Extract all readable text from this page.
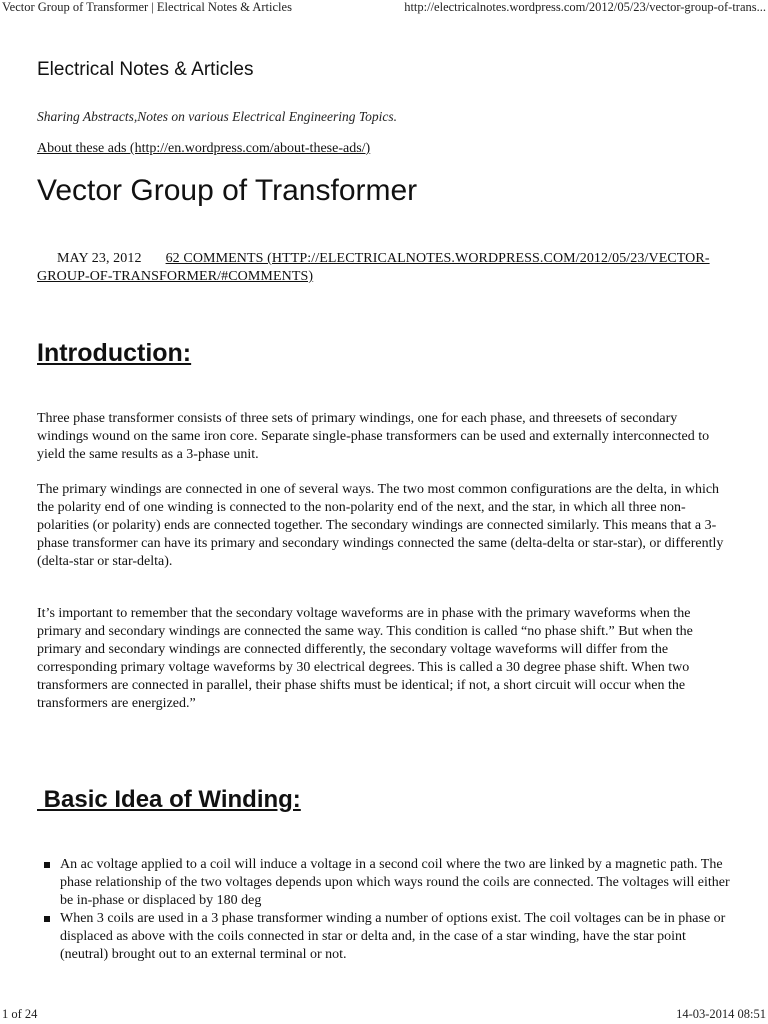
Vector Group of Transformer | Electrical Notes & Articles	http://electricalnotes.wordpress.com/2012/05/23/vector-group-of-trans...
Electrical Notes & Articles
Sharing Abstracts,Notes on various Electrical Engineering Topics.
About these ads (http://en.wordpress.com/about-these-ads/)
Vector Group of Transformer
MAY 23, 2012 62 COMMENTS (HTTP://ELECTRICALNOTES.WORDPRESS.COM/2012/05/23/VECTOR-GROUP-OF-TRANSFORMER/#COMMENTS)
Introduction:

Three phase transformer consists of three sets of primary windings, one for each phase, and threesets of secondary windings wound on the same iron core. Separate single-phase transformers can be used and externally interconnected to yield the same results as a 3-phase unit.

The primary windings are connected in one of several ways. The two most common configurations are the delta, in which the polarity end of one winding is connected to the non-polarity end of the next, and the star, in which all three non-polarities (or polarity) ends are connected together. The secondary windings are connected similarly. This means that a 3-phase transformer can have its primary and secondary windings connected the same (delta-delta or star-star), or differently (delta-star or star-delta).

It’s important to remember that the secondary voltage waveforms are in phase with the primary waveforms when the primary and secondary windings are connected the same way. This condition is called “no phase shift.” But when the primary and secondary windings are connected differently, the secondary voltage waveforms will differ from the corresponding primary voltage waveforms by 30 electrical degrees. This is called a 30 degree phase shift. When two transformers are connected in parallel, their phase shifts must be identical; if not, a short circuit will occur when the transformers are energized.”

Basic Idea of Winding:
An ac voltage applied to a coil will induce a voltage in a second coil where the two are linked by a magnetic path. The phase relationship of the two voltages depends upon which ways round the coils are connected. The voltages will either be in-phase or displaced by 180 deg
When 3 coils are used in a 3 phase transformer winding a number of options exist. The coil voltages can be in phase or displaced as above with the coils connected in star or delta and, in the case of a star winding, have the star point (neutral) brought out to an external terminal or not.
1 of 24	14-03-2014 08:51
